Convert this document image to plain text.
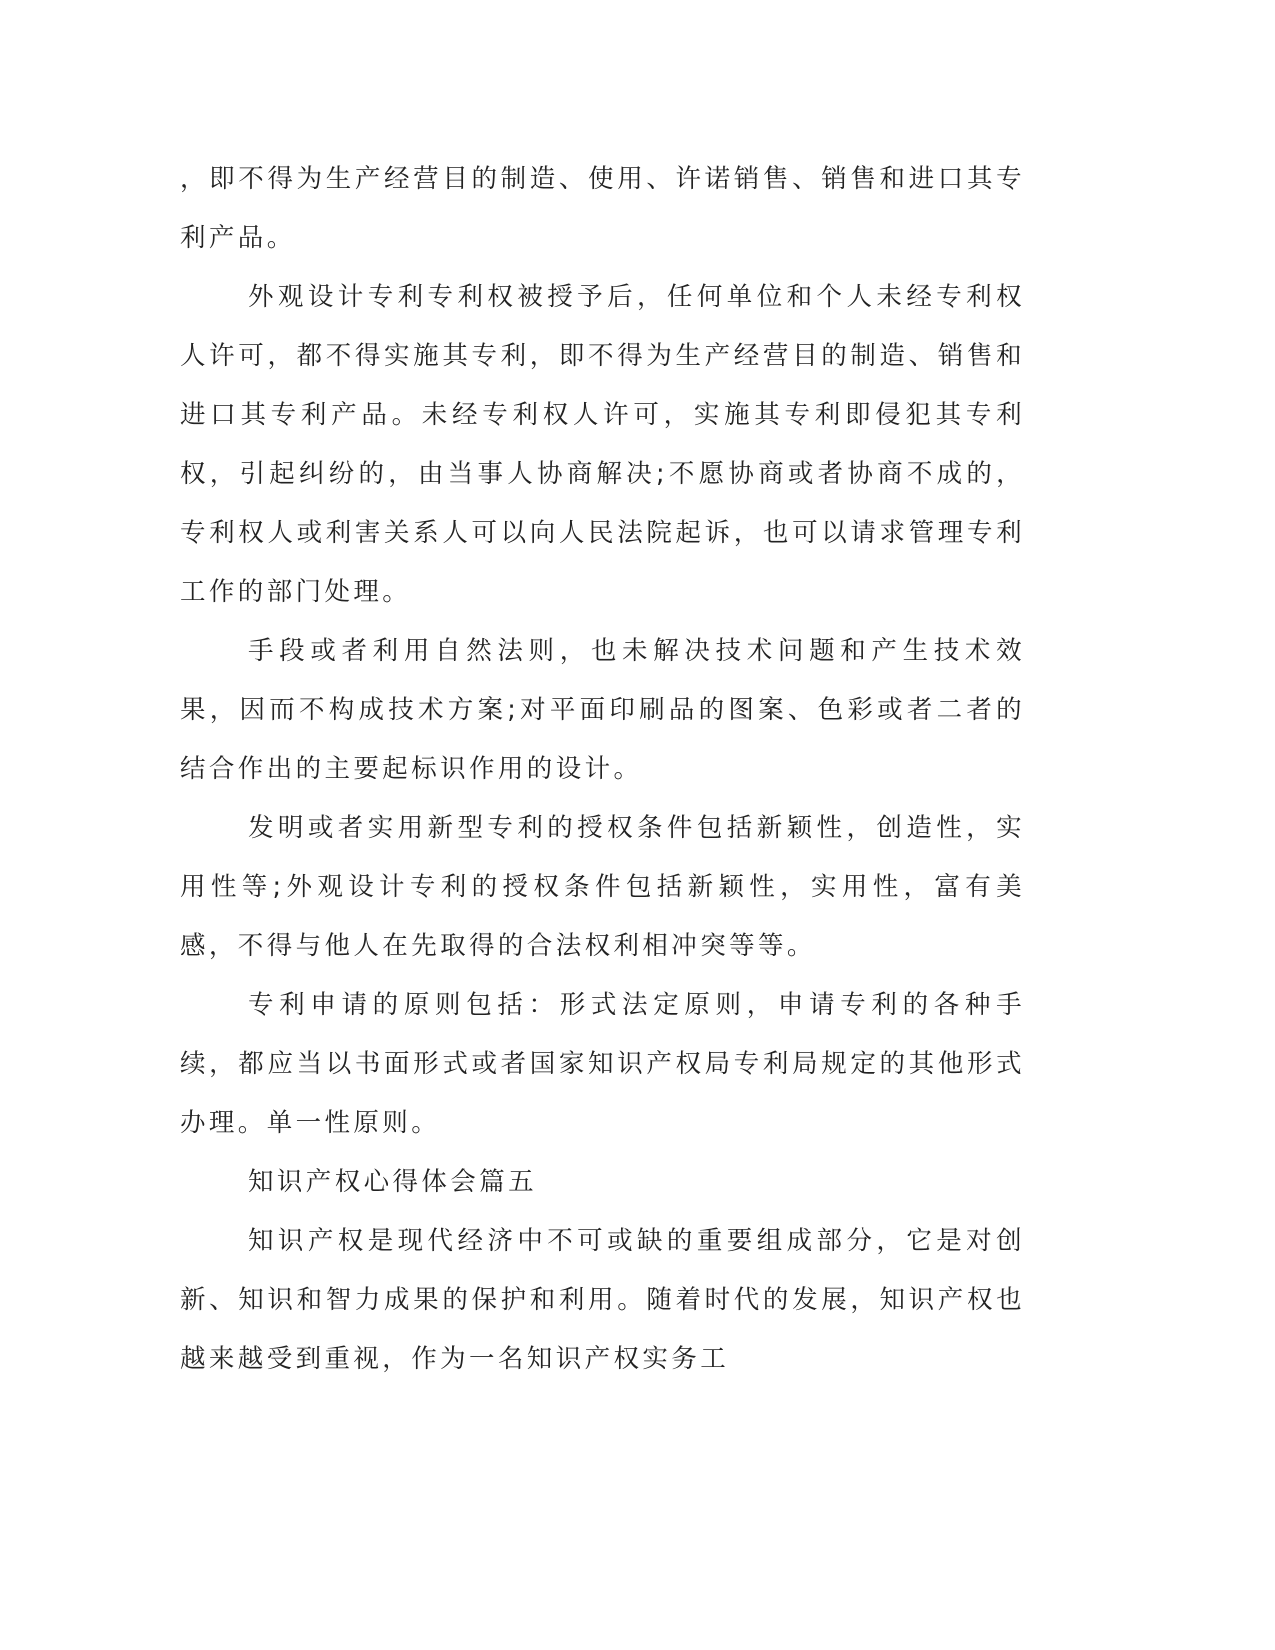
，即不得为生产经营目的制造、使用、许诺销售、销售和进口其专利产品。

外观设计专利专利权被授予后，任何单位和个人未经专利权人许可，都不得实施其专利，即不得为生产经营目的制造、销售和进口其专利产品。未经专利权人许可，实施其专利即侵犯其专利权，引起纠纷的，由当事人协商解决;不愿协商或者协商不成的，专利权人或利害关系人可以向人民法院起诉，也可以请求管理专利工作的部门处理。

手段或者利用自然法则，也未解决技术问题和产生技术效果，因而不构成技术方案;对平面印刷品的图案、色彩或者二者的结合作出的主要起标识作用的设计。

发明或者实用新型专利的授权条件包括新颖性，创造性，实用性等;外观设计专利的授权条件包括新颖性，实用性，富有美感，不得与他人在先取得的合法权利相冲突等等。

专利申请的原则包括：形式法定原则，申请专利的各种手续，都应当以书面形式或者国家知识产权局专利局规定的其他形式办理。单一性原则。

知识产权心得体会篇五

知识产权是现代经济中不可或缺的重要组成部分，它是对创新、知识和智力成果的保护和利用。随着时代的发展，知识产权也越来越受到重视，作为一名知识产权实务工
